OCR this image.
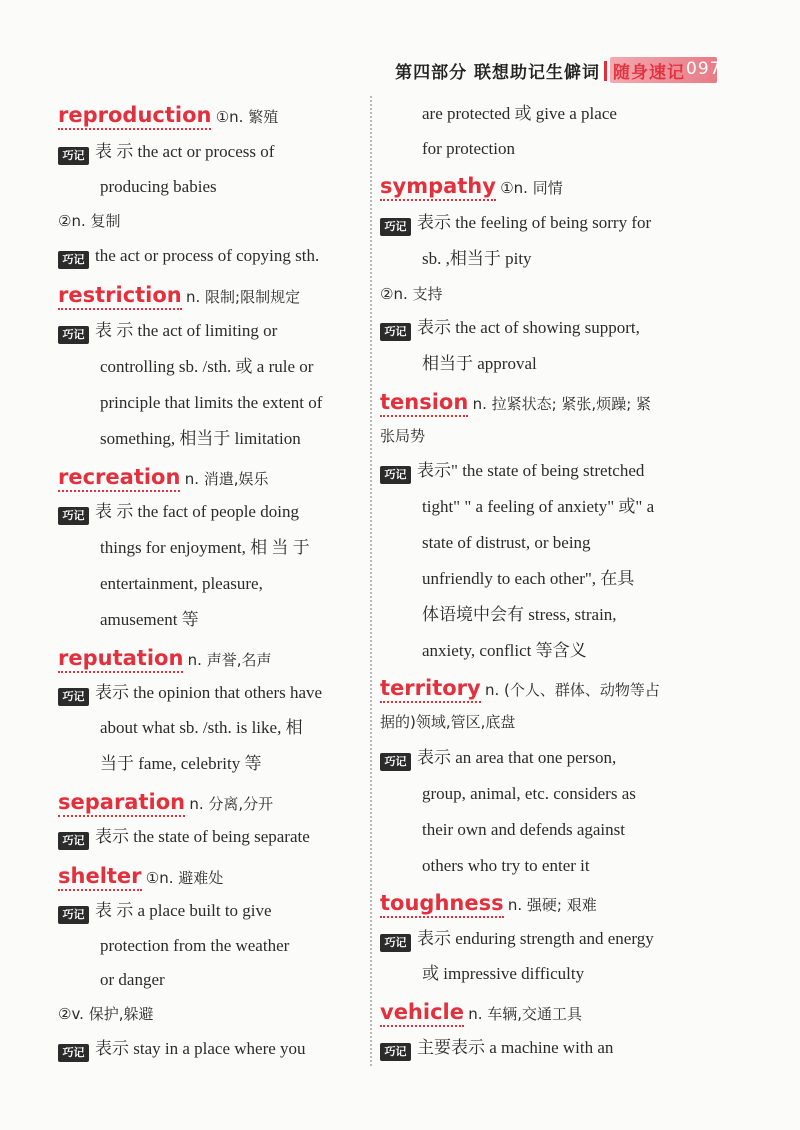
第四部分 联想助记生僻词	097
随身速记
reproduction ①n. 繁殖
巧记 表 示 the act or process of
producing babies
②n. 复制
巧记 the act or process of copying sth.
restriction n. 限制;限制规定
巧记 表 示 the act of limiting or
controlling sb. /sth. 或 a rule or
principle that limits the extent of
something, 相当于 limitation
recreation n. 消遣,娱乐
巧记 表 示 the fact of people doing
things for enjoyment, 相 当 于
entertainment, pleasure,
amusement 等
reputation n. 声誉,名声
巧记 表示 the opinion that others have
about what sb. /sth. is like, 相
当于 fame, celebrity 等
separation n. 分离,分开
巧记 表示 the state of being separate
shelter ①n. 避难处
巧记 表 示 a place built to give
protection from the weather
or danger
②v. 保护,躲避
巧记 表示 stay in a place where you
are protected 或 give a place
for protection
sympathy ①n. 同情
巧记 表示 the feeling of being sorry for
sb. ,相当于 pity
②n. 支持
巧记 表示 the act of showing support,
相当于 approval
tension n. 拉紧状态; 紧张,烦躁; 紧
张局势
巧记 表示" the state of being stretched
tight" " a feeling of anxiety" 或" a
state of distrust, or being
unfriendly to each other", 在具
体语境中会有 stress, strain,
anxiety, conflict 等含义
territory n. (个人、群体、动物等占
据的)领域,管区,底盘
巧记 表示 an area that one person,
group, animal, etc. considers as
their own and defends against
others who try to enter it
toughness n. 强硬; 艰难
巧记 表示 enduring strength and energy
或 impressive difficulty
vehicle n. 车辆,交通工具
巧记 主要表示 a machine with an
